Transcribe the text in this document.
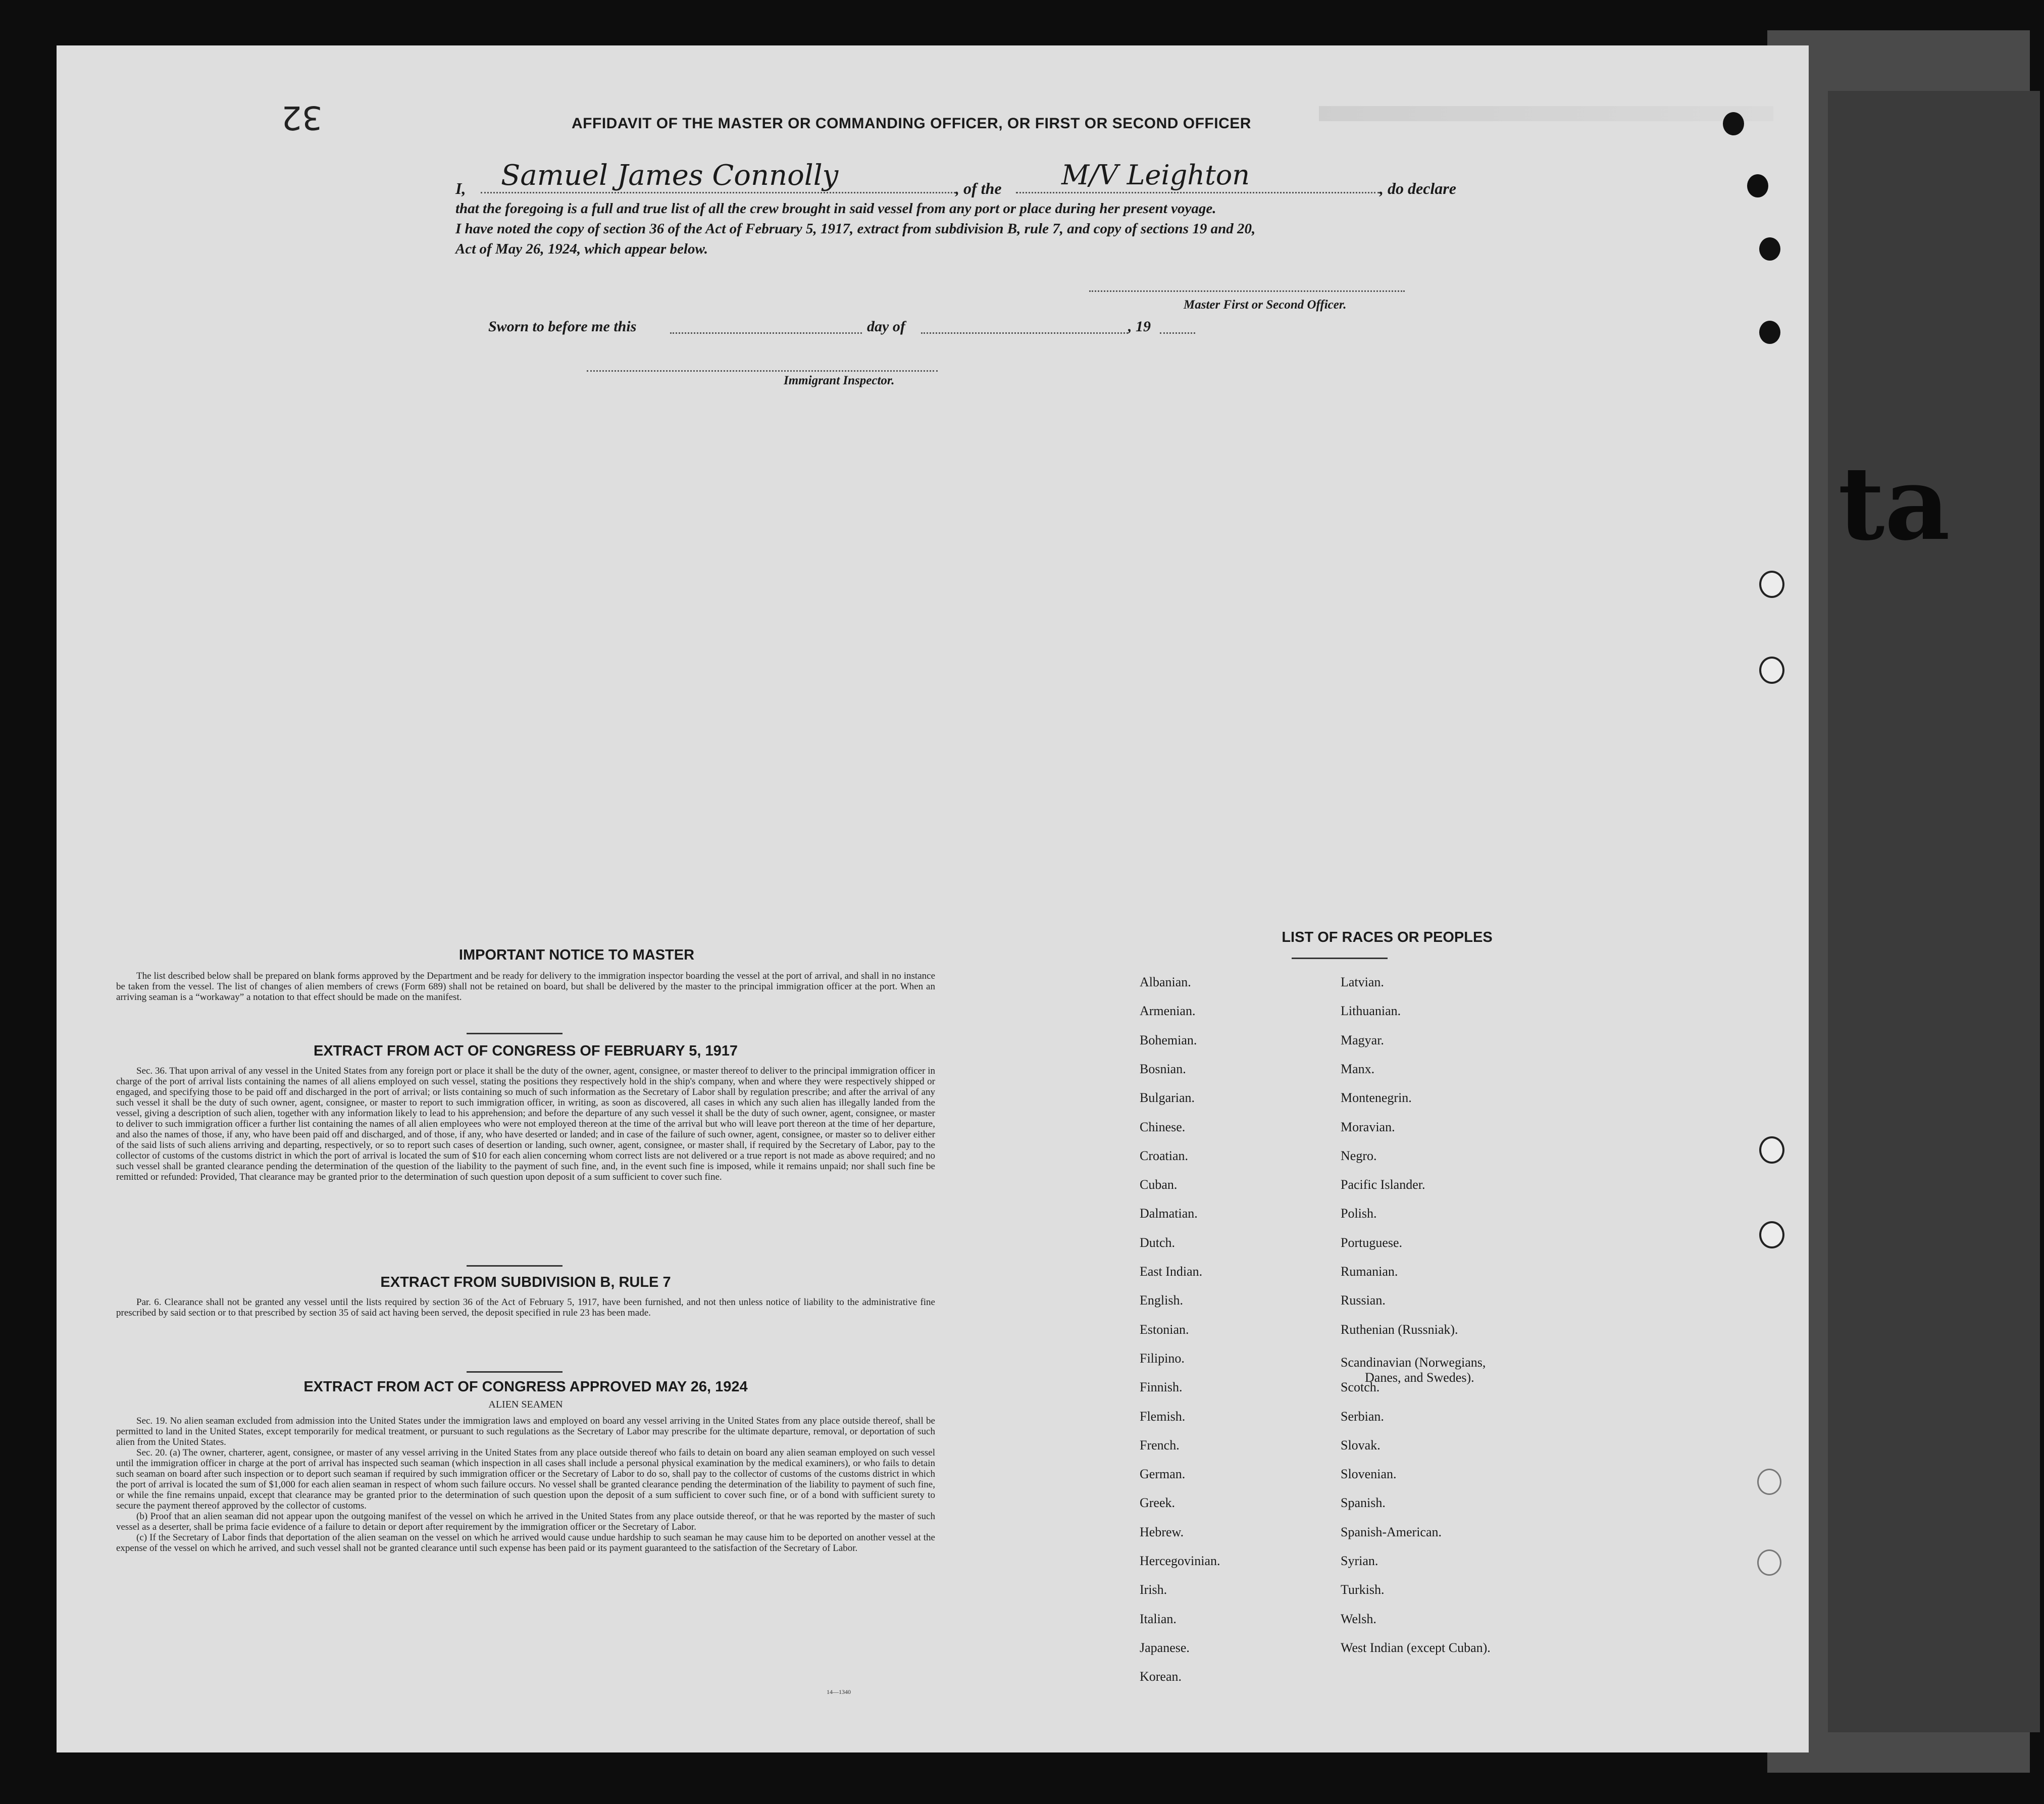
ta
32	AFFIDAVIT OF THE MASTER OR COMMANDING OFFICER, OR FIRST OR SECOND OFFICER
I, Samuel James Connolly	, of the M/V Leighton	, do declare
that the foregoing is a full and true list of all the crew brought in said vessel from any port or place during her present voyage.
I have noted the copy of section 36 of the Act of February 5, 1917, extract from subdivision B, rule 7, and copy of sections 19 and 20,
Act of May 26, 1924, which appear below.
Master First or Second Officer.
Sworn to before me this	day of	, 19
Immigrant Inspector.
IMPORTANT NOTICE TO MASTER
The list described below shall be prepared on blank forms approved by the Department and be ready for delivery to the immigration inspector boarding the vessel at the port of arrival, and shall in no instance be taken from the vessel. The list of changes of alien members of crews (Form 689) shall not be retained on board, but shall be delivered by the master to the principal immigration officer at the port. When an arriving seaman is a “workaway” a notation to that effect should be made on the manifest.
EXTRACT FROM ACT OF CONGRESS OF FEBRUARY 5, 1917
Sec. 36. That upon arrival of any vessel in the United States from any foreign port or place it shall be the duty of the owner, agent, consignee, or master thereof to deliver to the principal immigration officer in charge of the port of arrival lists containing the names of all aliens employed on such vessel, stating the positions they respectively hold in the ship's company, when and where they were respectively shipped or engaged, and specifying those to be paid off and discharged in the port of arrival; or lists containing so much of such information as the Secretary of Labor shall by regulation prescribe; and after the arrival of any such vessel it shall be the duty of such owner, agent, consignee, or master to report to such immigration officer, in writing, as soon as discovered, all cases in which any such alien has illegally landed from the vessel, giving a description of such alien, together with any information likely to lead to his apprehension; and before the departure of any such vessel it shall be the duty of such owner, agent, consignee, or master to deliver to such immigration officer a further list containing the names of all alien employees who were not employed thereon at the time of the arrival but who will leave port thereon at the time of her departure, and also the names of those, if any, who have been paid off and discharged, and of those, if any, who have deserted or landed; and in case of the failure of such owner, agent, consignee, or master so to deliver either of the said lists of such aliens arriving and departing, respectively, or so to report such cases of desertion or landing, such owner, agent, consignee, or master shall, if required by the Secretary of Labor, pay to the collector of customs of the customs district in which the port of arrival is located the sum of $10 for each alien concerning whom correct lists are not delivered or a true report is not made as above required; and no such vessel shall be granted clearance pending the determination of the question of the liability to the payment of such fine, and, in the event such fine is imposed, while it remains unpaid; nor shall such fine be remitted or refunded: Provided, That clearance may be granted prior to the determination of such question upon deposit of a sum sufficient to cover such fine.
EXTRACT FROM SUBDIVISION B, RULE 7
Par. 6. Clearance shall not be granted any vessel until the lists required by section 36 of the Act of February 5, 1917, have been furnished, and not then unless notice of liability to the administrative fine prescribed by said section or to that prescribed by section 35 of said act having been served, the deposit specified in rule 23 has been made.
EXTRACT FROM ACT OF CONGRESS APPROVED MAY 26, 1924
ALIEN SEAMEN
Sec. 19. No alien seaman excluded from admission into the United States under the immigration laws and employed on board any vessel arriving in the United States from any place outside thereof, shall be permitted to land in the United States, except temporarily for medical treatment, or pursuant to such regulations as the Secretary of Labor may prescribe for the ultimate departure, removal, or deportation of such alien from the United States.
Sec. 20. (a) The owner, charterer, agent, consignee, or master of any vessel arriving in the United States from any place outside thereof who fails to detain on board any alien seaman employed on such vessel until the immigration officer in charge at the port of arrival has inspected such seaman (which inspection in all cases shall include a personal physical examination by the medical examiners), or who fails to detain such seaman on board after such inspection or to deport such seaman if required by such immigration officer or the Secretary of Labor to do so, shall pay to the collector of customs of the customs district in which the port of arrival is located the sum of $1,000 for each alien seaman in respect of whom such failure occurs. No vessel shall be granted clearance pending the determination of the liability to payment of such fine, or while the fine remains unpaid, except that clearance may be granted prior to the determination of such question upon the deposit of a sum sufficient to cover such fine, or of a bond with sufficient surety to secure the payment thereof approved by the collector of customs.
(b) Proof that an alien seaman did not appear upon the outgoing manifest of the vessel on which he arrived in the United States from any place outside thereof, or that he was reported by the master of such vessel as a deserter, shall be prima facie evidence of a failure to detain or deport after requirement by the immigration officer or the Secretary of Labor.
(c) If the Secretary of Labor finds that deportation of the alien seaman on the vessel on which he arrived would cause undue hardship to such seaman he may cause him to be deported on another vessel at the expense of the vessel on which he arrived, and such vessel shall not be granted clearance until such expense has been paid or its payment guaranteed to the satisfaction of the Secretary of Labor.
14—1340
LIST OF RACES OR PEOPLES
Albanian.
Armenian.
Bohemian.
Bosnian.
Bulgarian.
Chinese.
Croatian.
Cuban.
Dalmatian.
Dutch.
East Indian.
English.
Estonian.
Filipino.
Finnish.
Flemish.
French.
German.
Greek.
Hebrew.
Hercegovinian.
Irish.
Italian.
Japanese.
Korean.
Latvian.
Lithuanian.
Magyar.
Manx.
Montenegrin.
Moravian.
Negro.
Pacific Islander.
Polish.
Portuguese.
Rumanian.
Russian.
Ruthenian (Russniak).
Scandinavian (Norwegians,
Danes, and Swedes).
Scotch.
Serbian.
Slovak.
Slovenian.
Spanish.
Spanish-American.
Syrian.
Turkish.
Welsh.
West Indian (except Cuban).
